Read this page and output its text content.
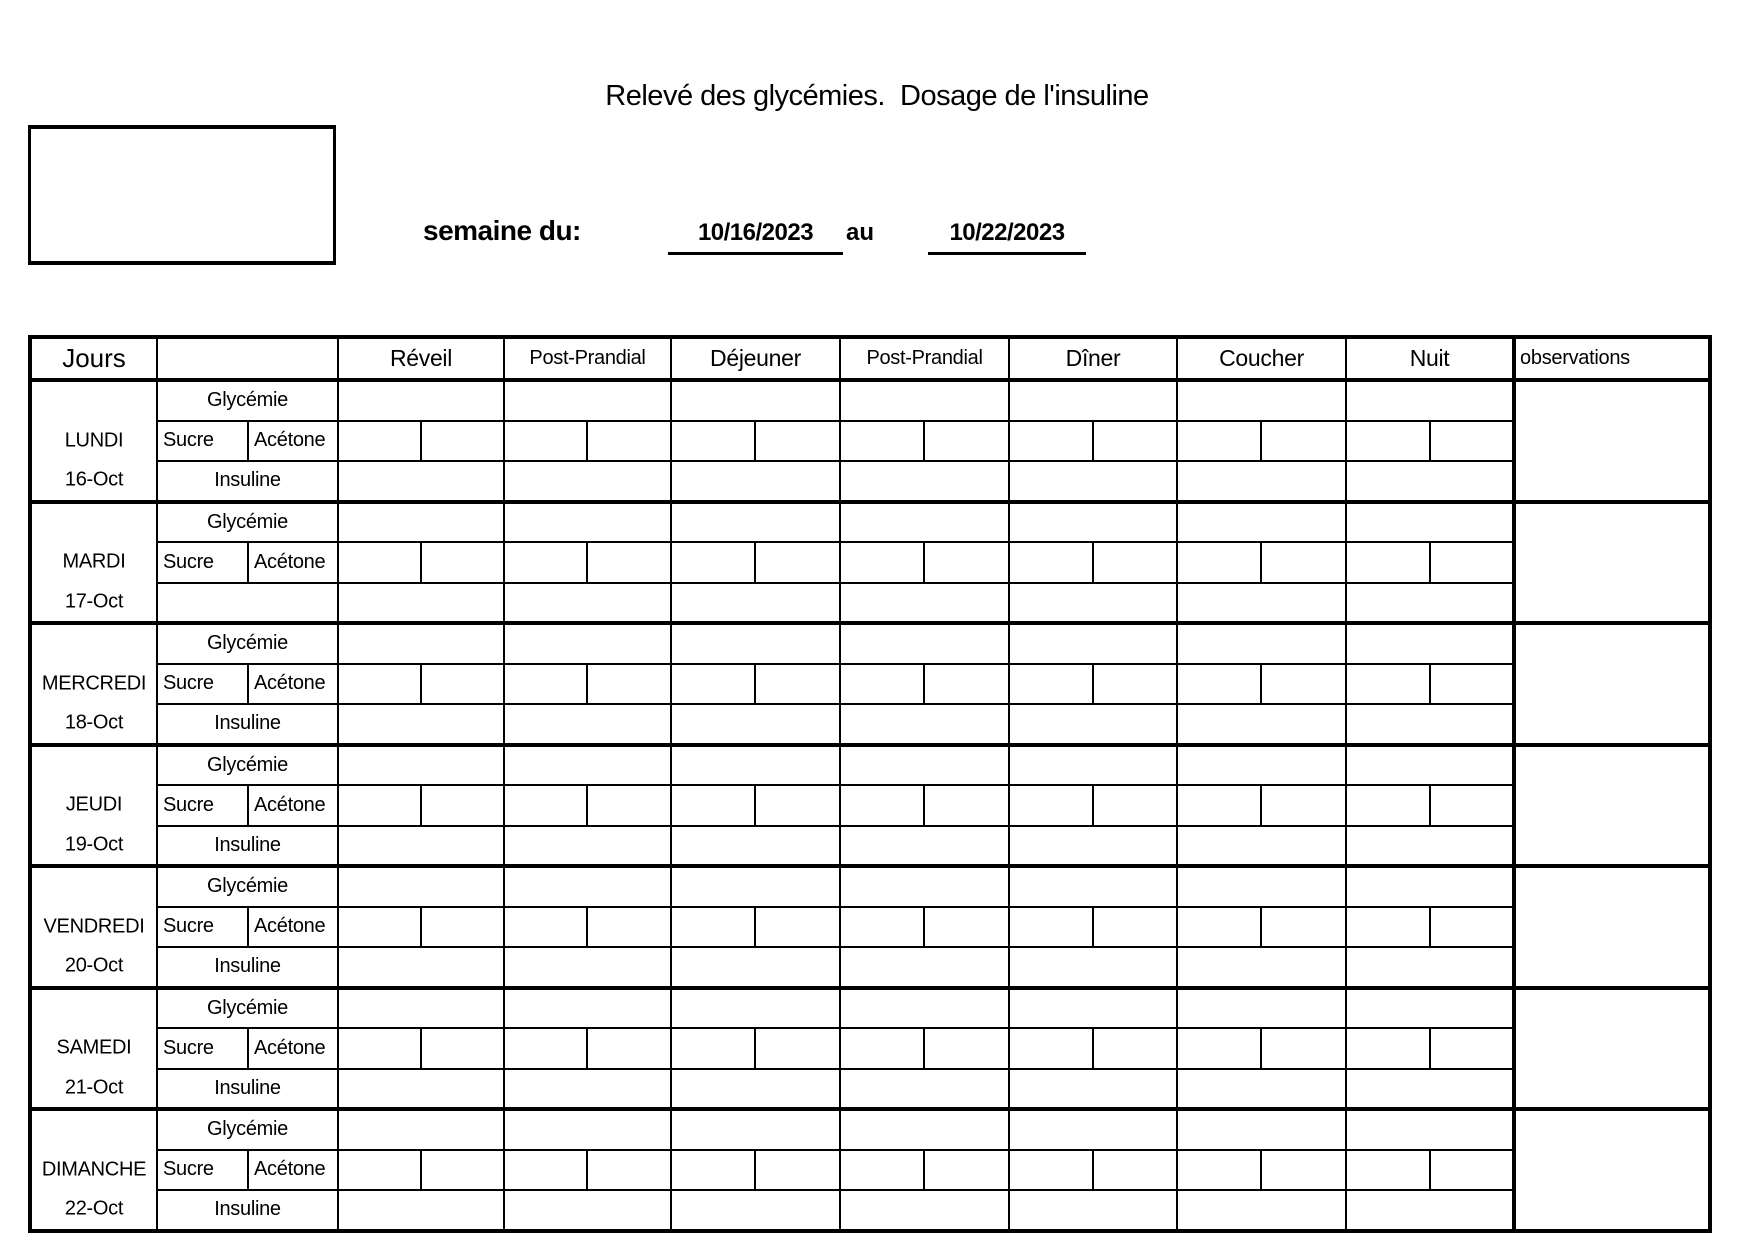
Relevé des glycémies.  Dosage de l'insuline
semaine du:	10/16/2023	au	10/22/2023
Jours			Réveil		Post-Prandial		Déjeuner		Post-Prandial		Dîner		Coucher		Nuit		observations

LUNDI
16-Oct	Glycémie																
	Sucre	Acétone															
	Insuline																

MARDI
17-Oct	Glycémie																
	Sucre	Acétone															

MERCREDI
18-Oct	Glycémie																
	Sucre	Acétone															
	Insuline																

JEUDI
19-Oct	Glycémie																
	Sucre	Acétone															
	Insuline																

VENDREDI
20-Oct	Glycémie																
	Sucre	Acétone															
	Insuline																

SAMEDI
21-Oct	Glycémie																
	Sucre	Acétone															
	Insuline																

DIMANCHE
22-Oct	Glycémie																
	Sucre	Acétone															
	Insuline																
